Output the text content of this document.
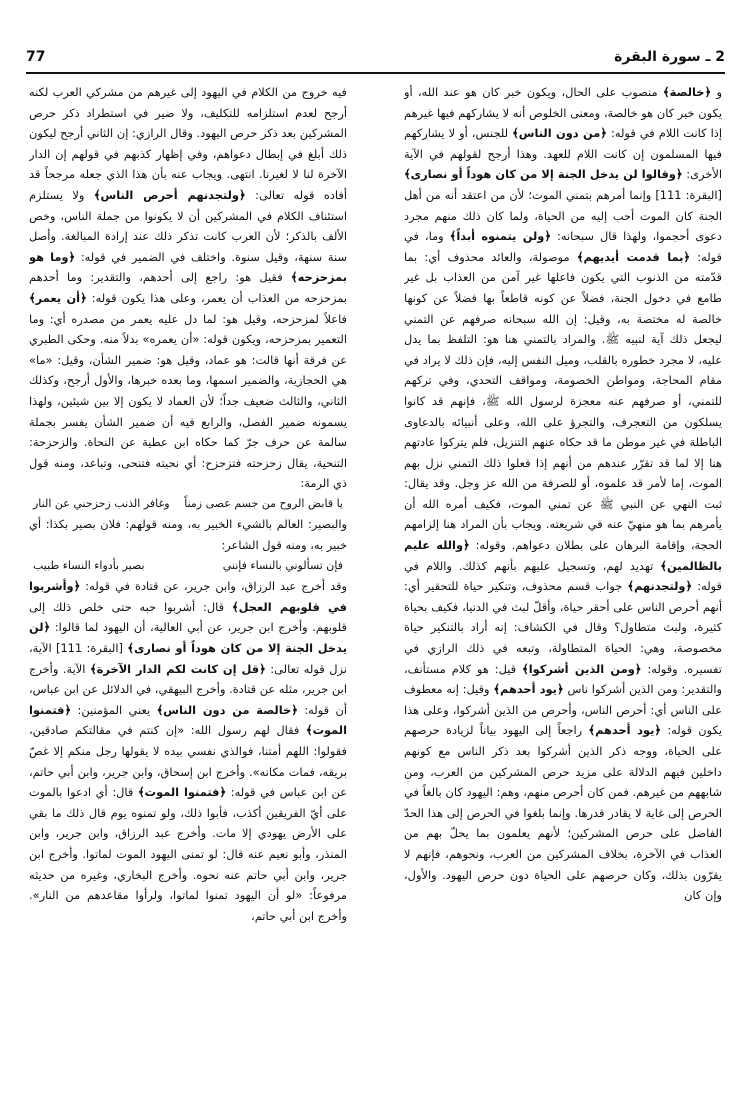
77	2 ـ سورة البقرة

و ﴿خالصة﴾ منصوب على الحال، ويكون خبر كان هو عند الله، أو يكون خبر كان هو خالصة، ومعنى الخلوص أنه لا يشاركهم فيها غيرهم إذا كانت اللام في قوله: ﴿من دون الناس﴾ للجنس، أو لا يشاركهم فيها المسلمون إن كانت اللام للعهد. وهذا أرجح لقولهم في الآية الأخرى: ﴿وقالوا لن يدخل الجنة إلا من كان هوداً أو نصارى﴾ [البقرة: 111] وإنما أمرهم بتمني الموت؛ لأن من اعتقد أنه من أهل الجنة كان الموت أحب إليه من الحياة، ولما كان ذلك منهم مجرد دعوى أحجموا، ولهذا قال سبحانه: ﴿ولن يتمنوه أبداً﴾ وما، في قوله: ﴿بما قدمت أيديهم﴾ موصولة، والعائد محذوف أي: بما قدّمته من الذنوب التي يكون فاعلها غير آمن من العذاب بل غير طامع في دخول الجنة، فضلاً عن كونه قاطعاً بها فضلاً عن كونها خالصة له مختصة به، وقيل: إن الله سبحانه صرفهم عن التمني ليجعل ذلك آية لنبيه ﷺ. والمراد بالتمني هنا هو: التلفظ بما يدل عليه، لا مجرد خطوره بالقلب، وميل النفس إليه، فإن ذلك لا يراد في مقام المحاجة، ومواطن الخصومة، ومواقف التحدي، وفي تركهم للتمني، أو صرفهم عنه معجزة لرسول الله ﷺ، فإنهم قد كانوا يسلكون من التعجرف، والتجرؤ على الله، وعلى أنبيائه بالدعاوى الباطلة في غير موطن ما قد حكاه عنهم التنزيل، فلم يتركوا عادتهم هنا إلا لما قد تقرّر عندهم من أنهم إذا فعلوا ذلك التمني نزل بهم الموت، إما لأمر قد علموه، أو للصرفة من الله عز وجل. وقد يقال: ثبت النهي عن النبي ﷺ عن تمني الموت، فكيف أمره الله أن يأمرهم بما هو منهيّ عنه في شريعته. ويجاب بأن المراد هنا إلزامهم الحجة، وإقامة البرهان على بطلان دعواهم. وقوله: ﴿والله عليم بالظالمين﴾ تهديد لهم، وتسجيل عليهم بأنهم كذلك. واللام في قوله: ﴿ولتجدنهم﴾ جواب قسم محذوف، وتنكير حياة للتحقير أي: أنهم أحرص الناس على أحقر حياة، وأقلّ لبث في الدنيا، فكيف بحياة كثيرة، ولبث متطاول؟ وقال في الكشاف: إنه أراد بالتنكير حياة مخصوصة، وهي: الحياة المتطاولة، وتبعه في ذلك الرازي في تفسيره. وقوله: ﴿ومن الذين أشركوا﴾ قيل: هو كلام مستأنف، والتقدير: ومن الذين أشركوا ناس ﴿يود أحدهم﴾ وقيل: إنه معطوف على الناس أي: أحرص الناس، وأحرص من الذين أشركوا، وعلى هذا يكون قوله: ﴿يود أحدهم﴾ راجعاً إلى اليهود بياناً لزيادة حرصهم على الحياة، ووجه ذكر الذين أشركوا بعد ذكر الناس مع كونهم داخلين فيهم الدلالة على مزيد حرص المشركين من العرب، ومن شابههم من غيرهم. فمن كان أحرص منهم، وهم: اليهود كان بالغاً في الحرص إلى غاية لا يقادر قدرها. وإنما بلغوا في الحرص إلى هذا الحدّ الفاضل على حرص المشركين؛ لأنهم يعلمون بما يحلّ بهم من العذاب في الآخرة، بخلاف المشركين من العرب، ونحوهم، فإنهم لا يقرّون بذلك، وكان حرصهم على الحياة دون حرص اليهود. والأول، وإن كان

فيه خروج من الكلام في اليهود إلى غيرهم من مشركي العرب لكنه أرجح لعدم استلزامه للتكليف، ولا ضير في استطراد ذكر حرص المشركين بعد ذكر حرص اليهود. وقال الرازي: إن الثاني أرجح ليكون ذلك أبلغ في إبطال دعواهم، وفي إظهار كذبهم في قولهم إن الدار الآخرة لنا لا لغيرنا. انتهى. ويجاب عنه بأن هذا الذي جعله مرجحاً قد أفاده قوله تعالى: ﴿ولتجدنهم أحرص الناس﴾ ولا يستلزم استئناف الكلام في المشركين أن لا يكونوا من جملة الناس، وخص الألف بالذكر؛ لأن العرب كانت تذكر ذلك عند إرادة المبالغة. وأصل سنة سنهة، وقيل سنوة. واختلف في الضمير في قوله: ﴿وما هو بمزحزحه﴾ فقيل هو: راجع إلى أحدهم، والتقدير: وما أحدهم بمزحزحه من العذاب أن يعمر، وعلى هذا يكون قوله: ﴿أن يعمر﴾ فاعلاً لمزحزحه، وقيل هو: لما دل عليه يعمر من مصدره أي: وما التعمير بمزحزحه، ويكون قوله: «أن يعمره» بدلاً منه. وحكى الطبري عن فرقة أنها قالت: هو عماد، وقيل هو: ضمير الشأن، وقيل: «ما» هي الحجازية، والضمير اسمها، وما بعده خبرها، والأول أرجح، وكذلك الثاني، والثالث ضعيف جداً؛ لأن العماد لا يكون إلا بين شيئين، ولهذا يسمونه ضمير الفصل، والرابع فيه أن ضمير الشأن يفسر بجملة سالمة عن حرف جرّ كما حكاه ابن عطية عن النحاة. والزحزحة: التنحية، يقال زحزحته فتزحزح: أي نحيته فتنحى، وتباعد، ومنه قول ذي الرمة:

يا قابض الروح من جسم عصى زمناً
وغافر الذنب زحزحني عن النار

والبصير: العالم بالشيء الخبير به، ومنه قولهم: فلان بصير بكذا: أي خبير به، ومنه قول الشاعر:

فإن تسألوني بالنساء فإنني
بصير بأدواء النساء طبيب

وقد أخرج عبد الرزاق، وابن جرير، عن قتادة في قوله: ﴿وأشربوا في قلوبهم العجل﴾ قال: أشربوا حبه حتى خلص ذلك إلى قلوبهم. وأخرج ابن جرير، عن أبي العالية، أن اليهود لما قالوا: ﴿لن يدخل الجنة إلا من كان هوداً أو نصارى﴾ [البقرة: 111] الآية، نزل قوله تعالى: ﴿قل إن كانت لكم الدار الآخرة﴾ الآية. وأخرج ابن جرير، مثله عن قتادة. وأخرج البيهقي، في الدلائل عن ابن عباس، أن قوله: ﴿خالصة من دون الناس﴾ يعني المؤمنين: ﴿فتمنوا الموت﴾ فقال لهم رسول الله: «إن كنتم في مقالتكم صادقين، فقولوا: اللهم أمتنا، فوالذي نفسي بيده لا يقولها رجل منكم إلا غصّ بريقه، فمات مكانه». وأخرج ابن إسحاق، وابن جرير، وابن أبي حاتم، عن ابن عباس في قوله: ﴿فتمنوا الموت﴾ قال: أي ادعوا بالموت على أيّ الفريقين أكذب، فأبوا ذلك، ولو تمنوه يوم قال ذلك ما بقي على الأرض يهودي إلا مات. وأخرج عبد الرزاق، وابن جرير، وابن المنذر، وأبو نعيم عنه قال: لو تمنى اليهود الموت لماتوا. وأخرج ابن جرير، وابن أبي حاتم عنه نحوه. وأخرج البخاري، وغيره من حديثه مرفوعاً: «لو أن اليهود تمنوا لماتوا، ولرأوا مقاعدهم من النار». وأخرج ابن أبي حاتم،
